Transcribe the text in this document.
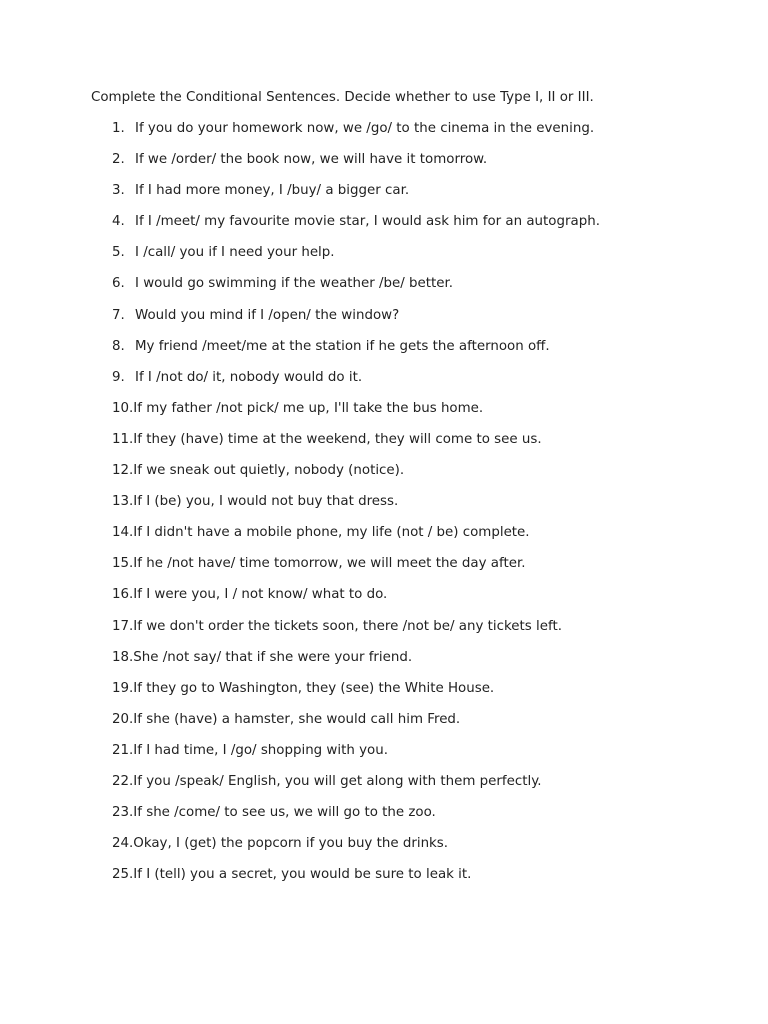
Complete the Conditional Sentences. Decide whether to use Type I, II or III.
1. If you do your homework now, we /go/ to the cinema in the evening.
2. If we /order/ the book now, we will have it tomorrow.
3. If I had more money, I /buy/ a bigger car.
4. If I /meet/ my favourite movie star, I would ask him for an autograph.
5. I /call/ you if I need your help.
6. I would go swimming if the weather /be/ better.
7. Would you mind if I /open/ the window?
8. My friend /meet/me at the station if he gets the afternoon off.
9. If I /not do/ it, nobody would do it.
10. If my father /not pick/ me up, I'll take the bus home.
11. If they (have) time at the weekend, they will come to see us.
12. If we sneak out quietly, nobody (notice).
13. If I (be) you, I would not buy that dress.
14. If I didn't have a mobile phone, my life (not / be) complete.
15. If he /not have/ time tomorrow, we will meet the day after.
16. If I were you, I / not know/ what to do.
17. If we don't order the tickets soon, there /not be/ any tickets left.
18. She /not say/ that if she were your friend.
19. If they go to Washington, they (see) the White House.
20. If she (have) a hamster, she would call him Fred.
21. If I had time, I /go/ shopping with you.
22. If you /speak/ English, you will get along with them perfectly.
23. If she /come/ to see us, we will go to the zoo.
24. Okay, I (get) the popcorn if you buy the drinks.
25. If I (tell) you a secret, you would be sure to leak it.
